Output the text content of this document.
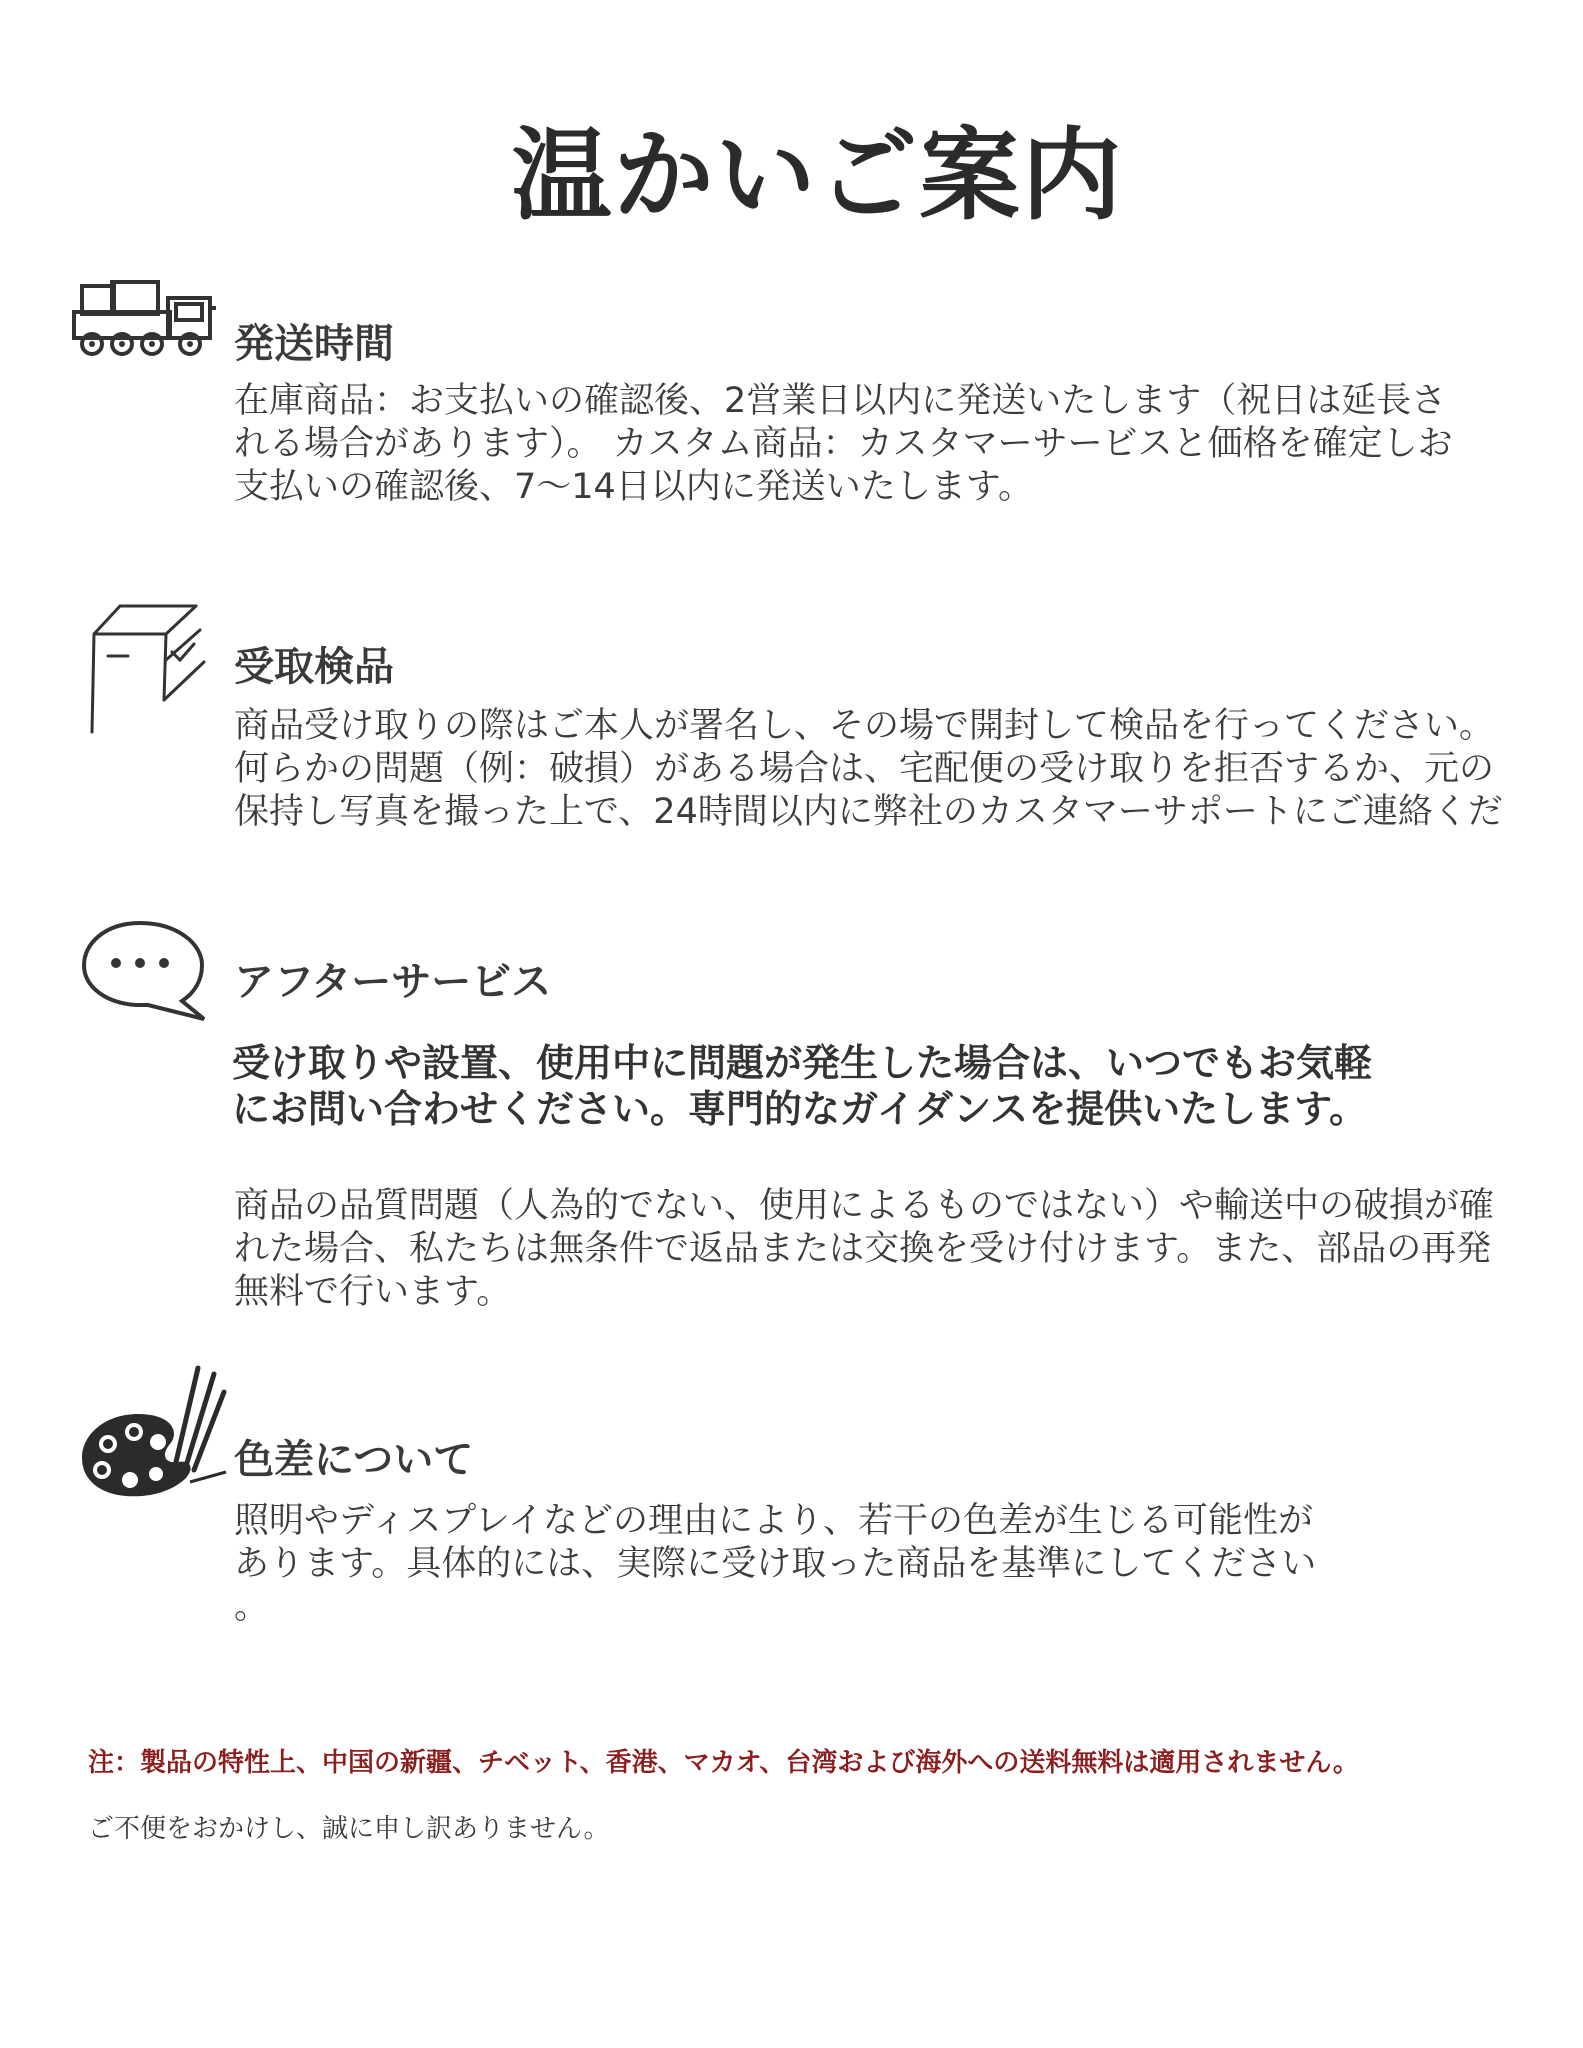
温かいご案内
発送時間
在庫商品：お支払いの確認後、2営業日以内に発送いたします（祝日は延長さ
れる場合があります）。 カスタム商品：カスタマーサービスと価格を確定しお
支払いの確認後、7〜14日以内に発送いたします。
受取検品
商品受け取りの際はご本人が署名し、その場で開封して検品を行ってください。
何らかの問題（例：破損）がある場合は、宅配便の受け取りを拒否するか、元の
保持し写真を撮った上で、24時間以内に弊社のカスタマーサポートにご連絡くだ
アフターサービス
受け取りや設置、使用中に問題が発生した場合は、いつでもお気軽
にお問い合わせください。専門的なガイダンスを提供いたします。
商品の品質問題（人為的でない、使用によるものではない）や輸送中の破損が確
れた場合、私たちは無条件で返品または交換を受け付けます。また、部品の再発
無料で行います。
色差について
照明やディスプレイなどの理由により、若干の色差が生じる可能性が
あります。具体的には、実際に受け取った商品を基準にしてください
。
注：製品の特性上、中国の新疆、チベット、香港、マカオ、台湾および海外への送料無料は適用されません。
ご不便をおかけし、誠に申し訳ありません。
